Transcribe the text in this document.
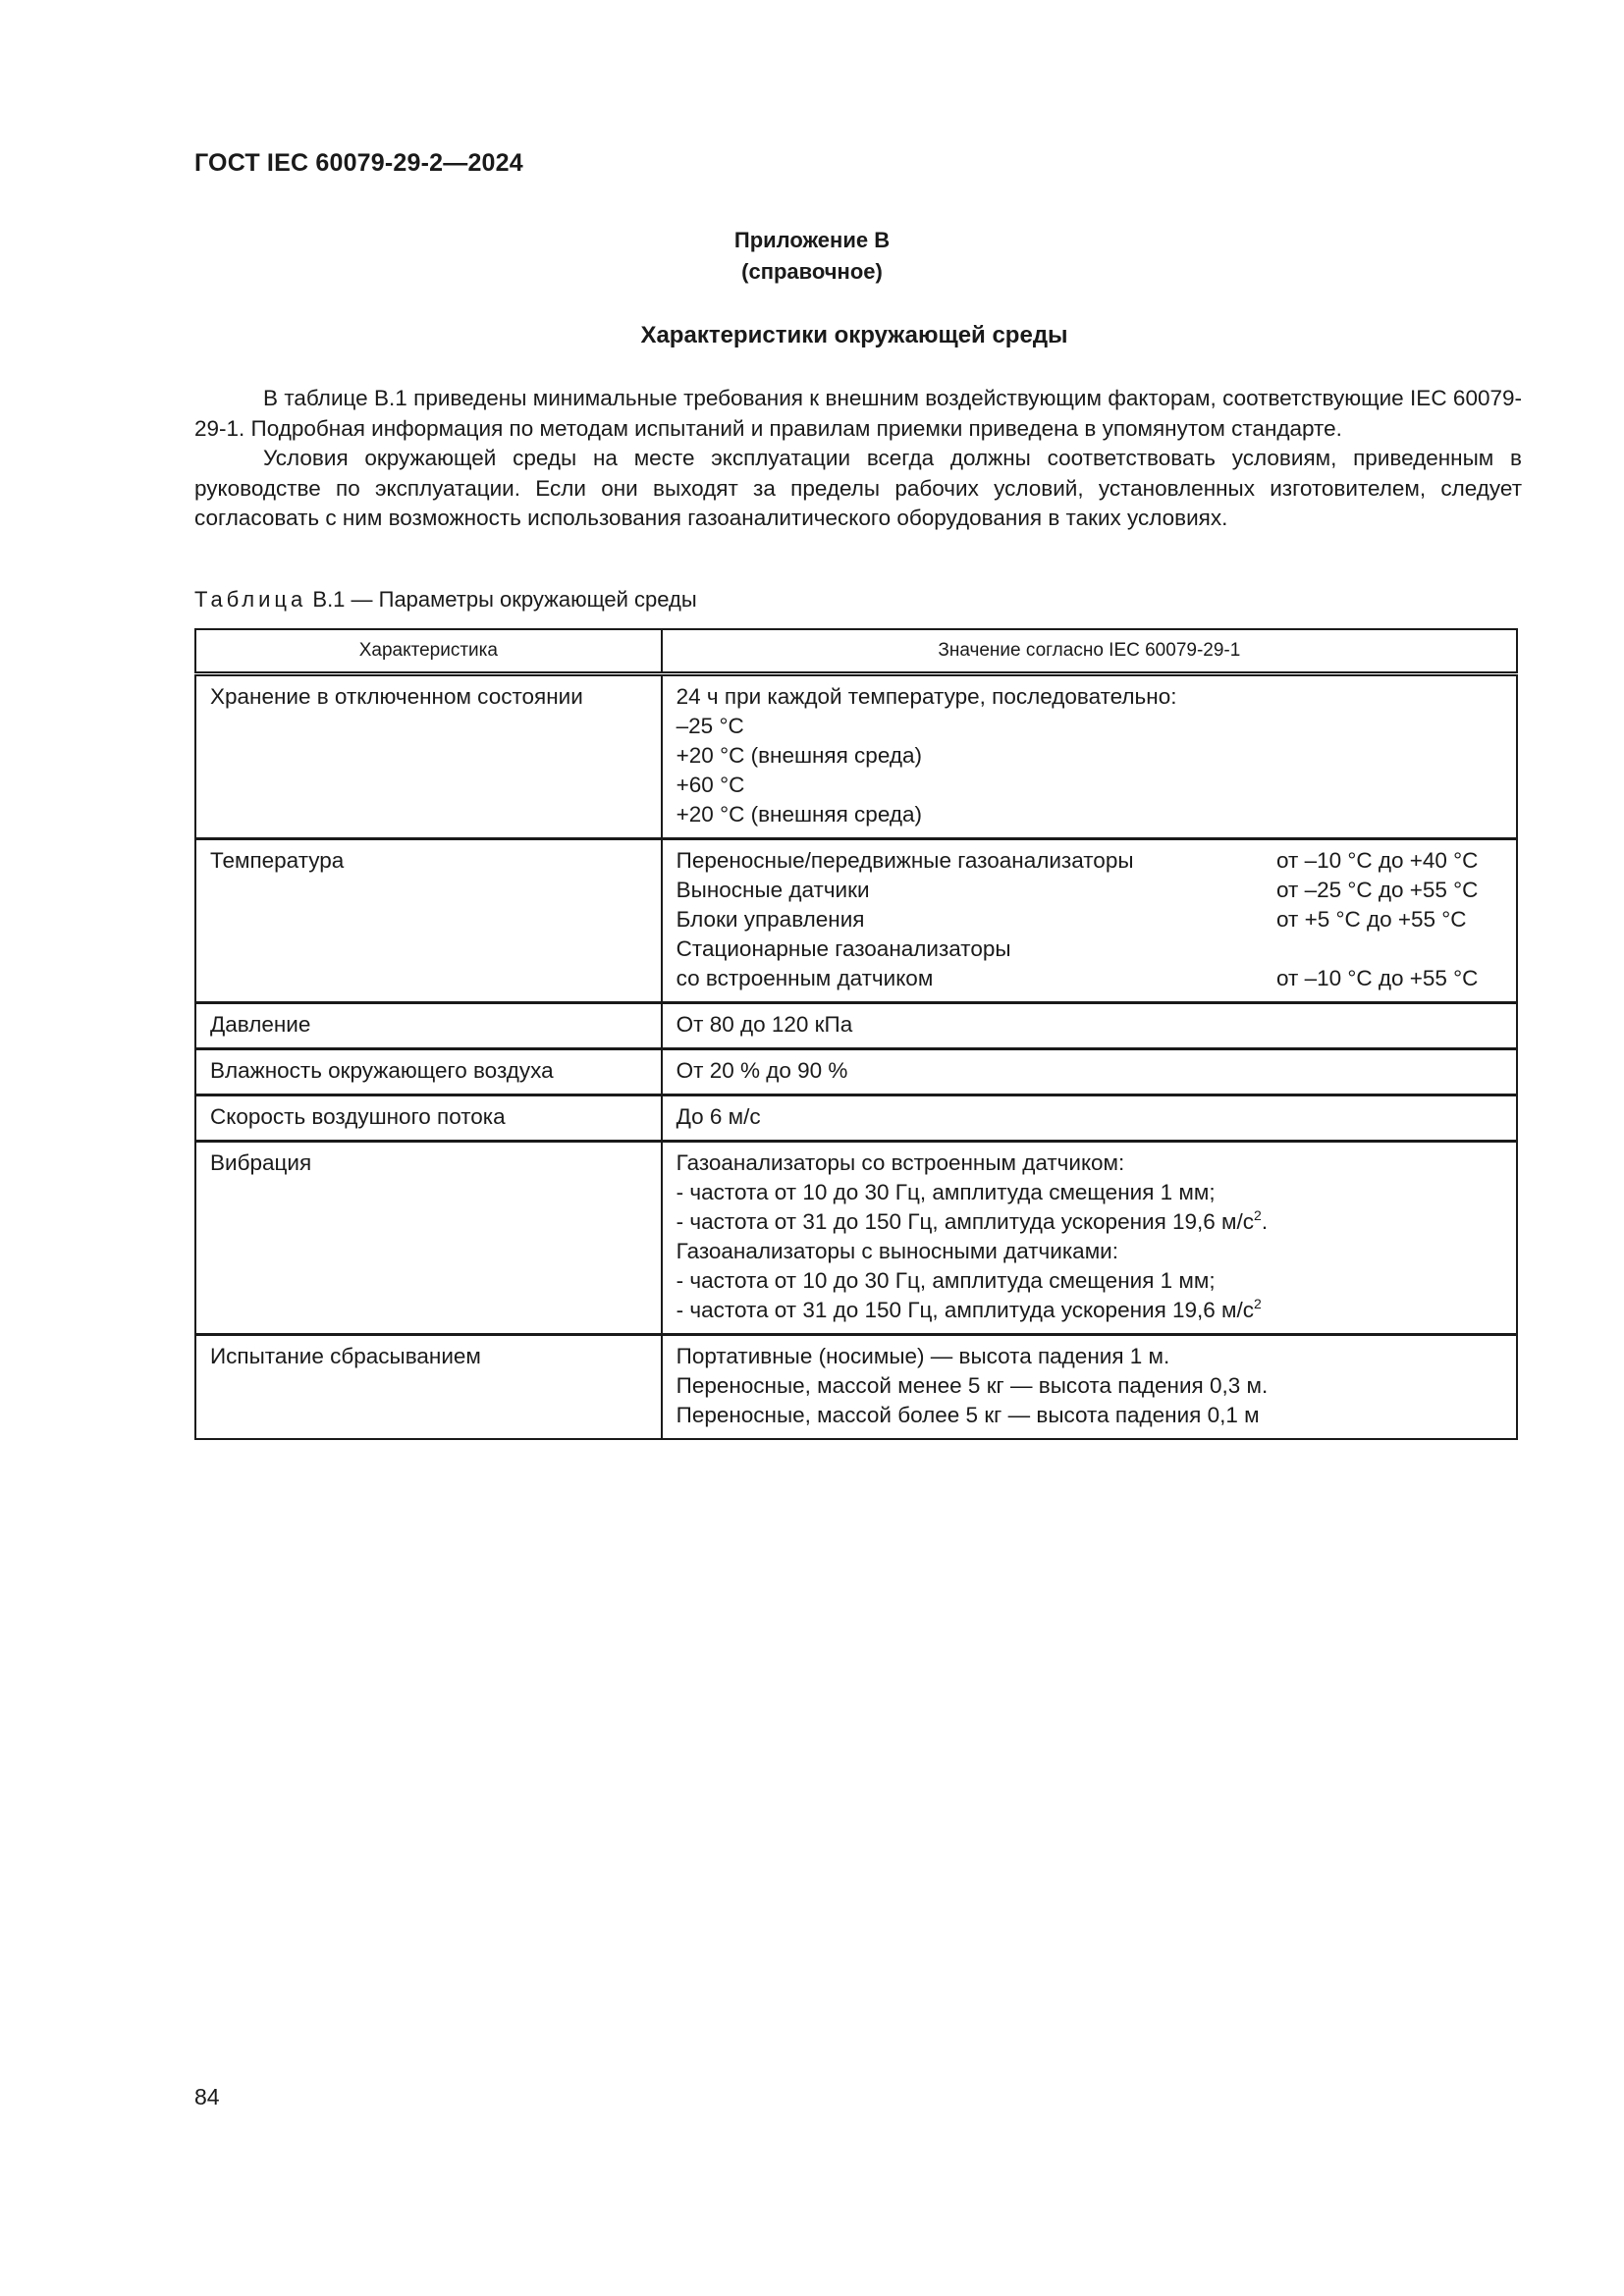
ГОСТ IEC 60079-29-2—2024
Приложение В
(справочное)
Характеристики окружающей среды

В таблице В.1 приведены минимальные требования к внешним воздействующим факторам, соответствующие IEC 60079-29-1. Подробная информация по методам испытаний и правилам приемки приведена в упомянутом стандарте.

Условия окружающей среды на месте эксплуатации всегда должны соответствовать условиям, приведенным в руководстве по эксплуатации. Если они выходят за пределы рабочих условий, установленных изготовителем, следует согласовать с ним возможность использования газоаналитического оборудования в таких условиях.

Таблица В.1 — Параметры окружающей среды
Характеристика	Значение согласно IEC 60079-29-1
Хранение в отключенном состоянии	24 ч при каждой температуре, последовательно:
–25 °C
+20 °C (внешняя среда)
+60 °C
+20 °C (внешняя среда)

Температура	Переносные/передвижные газоанализаторы	от –10 °C до +40 °C
Выносные датчики	от –25 °C до +55 °C
Блоки управления	от +5 °C до +55 °C
Стационарные газоанализаторы
со встроенным датчиком	от –10 °C до +55 °C

Давление	От 80 до 120 кПа

Влажность окружающего воздуха	От 20 % до 90 %

Скорость воздушного потока	До 6 м/с

Вибрация	Газоанализаторы со встроенным датчиком:
- частота от 10 до 30 Гц, амплитуда смещения 1 мм;
- частота от 31 до 150 Гц, амплитуда ускорения 19,6 $м/с^2$.
Газоанализаторы с выносными датчиками:
- частота от 10 до 30 Гц, амплитуда смещения 1 мм;
- частота от 31 до 150 Гц, амплитуда ускорения 19,6 $м/с^2$

Испытание сбрасыванием	Портативные (носимые) — высота падения 1 м.
Переносные, массой менее 5 кг — высота падения 0,3 м.
Переносные, массой более 5 кг — высота падения 0,1 м
84
